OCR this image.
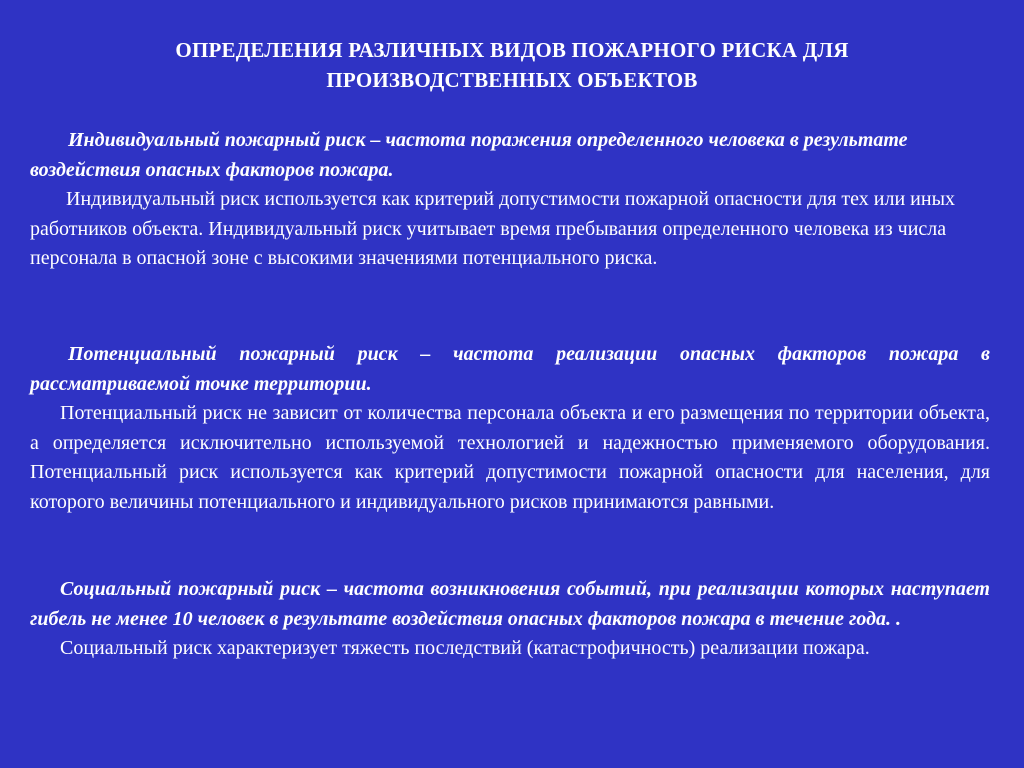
ОПРЕДЕЛЕНИЯ РАЗЛИЧНЫХ ВИДОВ ПОЖАРНОГО РИСКА ДЛЯ
ПРОИЗВОДСТВЕННЫХ ОБЪЕКТОВ
Индивидуальный пожарный риск – частота поражения определенного человека в результате воздействия опасных факторов пожара.
Индивидуальный риск используется как критерий допустимости пожарной опасности для тех или иных работников объекта. Индивидуальный риск учитывает время пребывания определенного человека из числа персонала в опасной зоне с высокими значениями потенциального риска.
Потенциальный пожарный риск – частота реализации опасных факторов пожара в рассматриваемой точке территории.
Потенциальный риск не зависит от количества персонала объекта и его размещения по территории объекта, а определяется исключительно используемой технологией и надежностью применяемого оборудования. Потенциальный риск используется как критерий допустимости пожарной опасности для населения, для которого величины потенциального и индивидуального рисков принимаются равными.
Социальный пожарный риск – частота возникновения событий, при реализации которых наступает гибель не менее 10 человек в результате воздействия опасных факторов пожара в течение года. .
Социальный риск характеризует тяжесть последствий (катастрофичность) реализации пожара.
